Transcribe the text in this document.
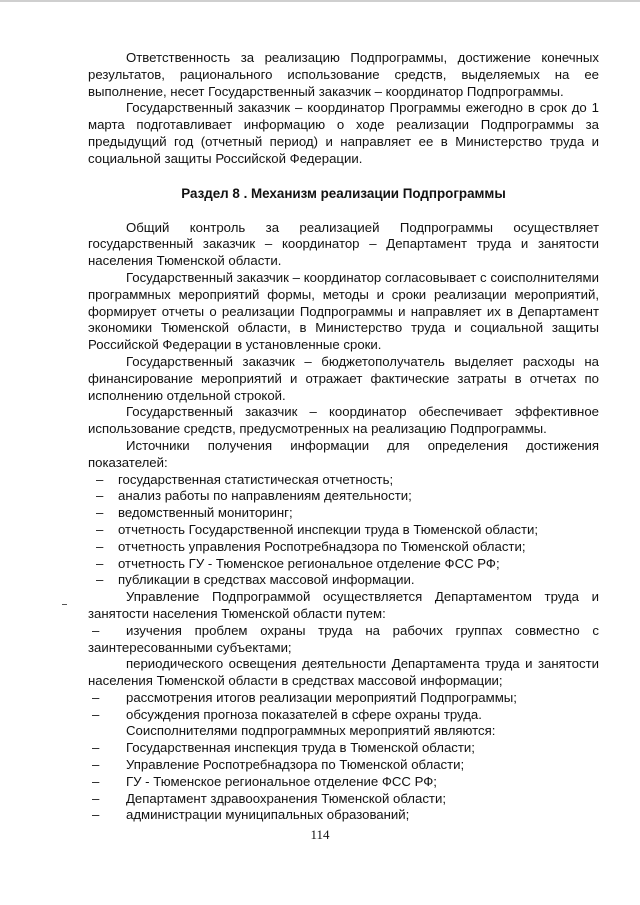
Ответственность за реализацию Подпрограммы, достижение конечных результатов, рационального использование средств, выделяемых на ее выполнение, несет Государственный заказчик – координатор Подпрограммы.

Государственный заказчик – координатор Программы ежегодно в срок до 1 марта подготавливает информацию о ходе реализации Подпрограммы за предыдущий год (отчетный период) и направляет ее в Министерство труда и социальной защиты Российской Федерации.

Раздел 8 . Механизм реализации Подпрограммы

Общий контроль за реализацией Подпрограммы осуществляет государственный заказчик – координатор – Департамент труда и занятости населения Тюменской области.

Государственный заказчик – координатор согласовывает с соисполнителями программных мероприятий формы, методы и сроки реализации мероприятий, формирует отчеты о реализации Подпрограммы и направляет их в Департамент экономики Тюменской области, в Министерство труда и социальной защиты Российской Федерации в установленные сроки.

Государственный заказчик – бюджетополучатель выделяет расходы на финансирование мероприятий и отражает фактические затраты в отчетах по исполнению отдельной строкой.

Государственный заказчик – координатор обеспечивает эффективное использование средств, предусмотренных на реализацию Подпрограммы.

Источники получения информации для определения достижения показателей:

– государственная статистическая отчетность;
– анализ работы по направлениям деятельности;
– ведомственный мониторинг;
– отчетность Государственной инспекции труда в Тюменской области;
– отчетность управления Роспотребнадзора по Тюменской области;
– отчетность ГУ - Тюменское региональное отделение ФСС РФ;
– публикации в средствах массовой информации.

Управление Подпрограммой осуществляется Департаментом труда и занятости населения Тюменской области путем:

– изучения проблем охраны труда на рабочих группах совместно с заинтересованными субъектами;
периодического освещения деятельности Департамента труда и занятости населения Тюменской области в средствах массовой информации;
– рассмотрения итогов реализации мероприятий Подпрограммы;
– обсуждения прогноза показателей в сфере охраны труда.

Соисполнителями подпрограммных мероприятий являются:

– Государственная инспекция труда в Тюменской области;
– Управление Роспотребнадзора по Тюменской области;
– ГУ - Тюменское региональное отделение ФСС РФ;
– Департамент здравоохранения Тюменской области;
– администрации муниципальных образований;
114
